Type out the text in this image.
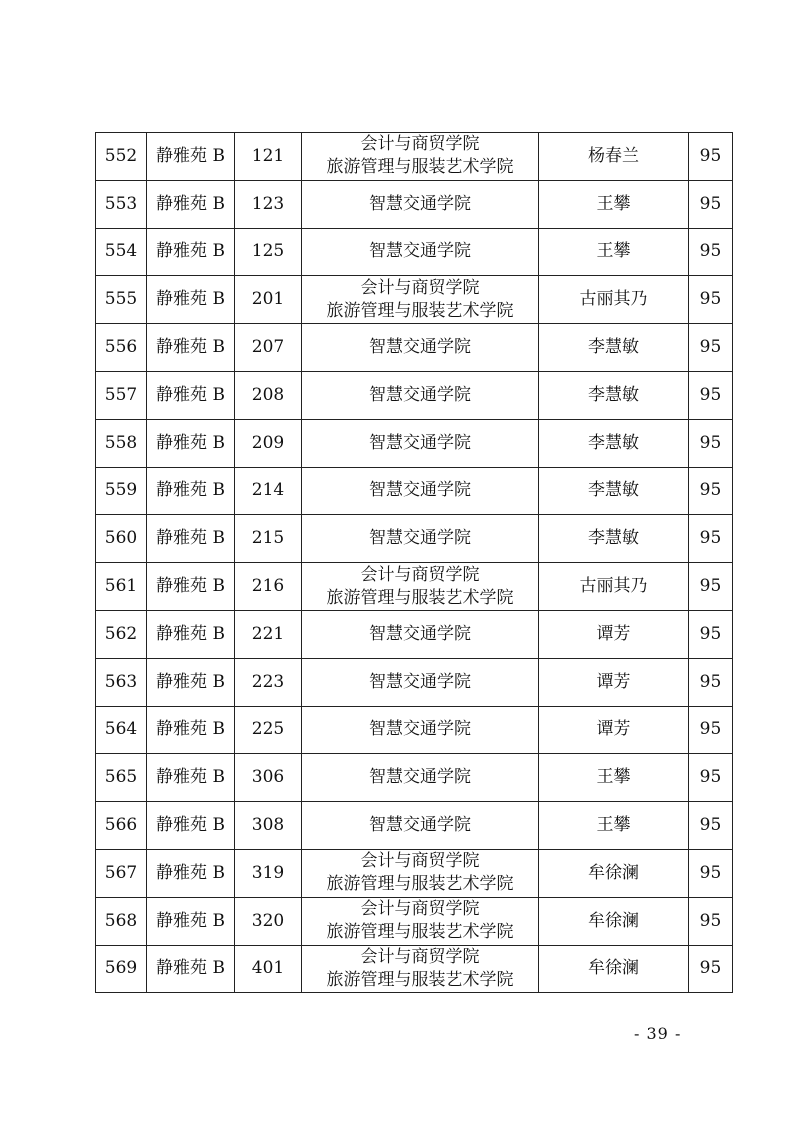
552	静雅苑 B	121	会计与商贸学院
旅游管理与服装艺术学院	杨春兰	95
553	静雅苑 B	123	智慧交通学院	王攀	95
554	静雅苑 B	125	智慧交通学院	王攀	95
555	静雅苑 B	201	会计与商贸学院
旅游管理与服装艺术学院	古丽其乃	95
556	静雅苑 B	207	智慧交通学院	李慧敏	95
557	静雅苑 B	208	智慧交通学院	李慧敏	95
558	静雅苑 B	209	智慧交通学院	李慧敏	95
559	静雅苑 B	214	智慧交通学院	李慧敏	95
560	静雅苑 B	215	智慧交通学院	李慧敏	95
561	静雅苑 B	216	会计与商贸学院
旅游管理与服装艺术学院	古丽其乃	95
562	静雅苑 B	221	智慧交通学院	谭芳	95
563	静雅苑 B	223	智慧交通学院	谭芳	95
564	静雅苑 B	225	智慧交通学院	谭芳	95
565	静雅苑 B	306	智慧交通学院	王攀	95
566	静雅苑 B	308	智慧交通学院	王攀	95
567	静雅苑 B	319	会计与商贸学院
旅游管理与服装艺术学院	牟徐澜	95
568	静雅苑 B	320	会计与商贸学院
旅游管理与服装艺术学院	牟徐澜	95
569	静雅苑 B	401	会计与商贸学院
旅游管理与服装艺术学院	牟徐澜	95
- 39 -
